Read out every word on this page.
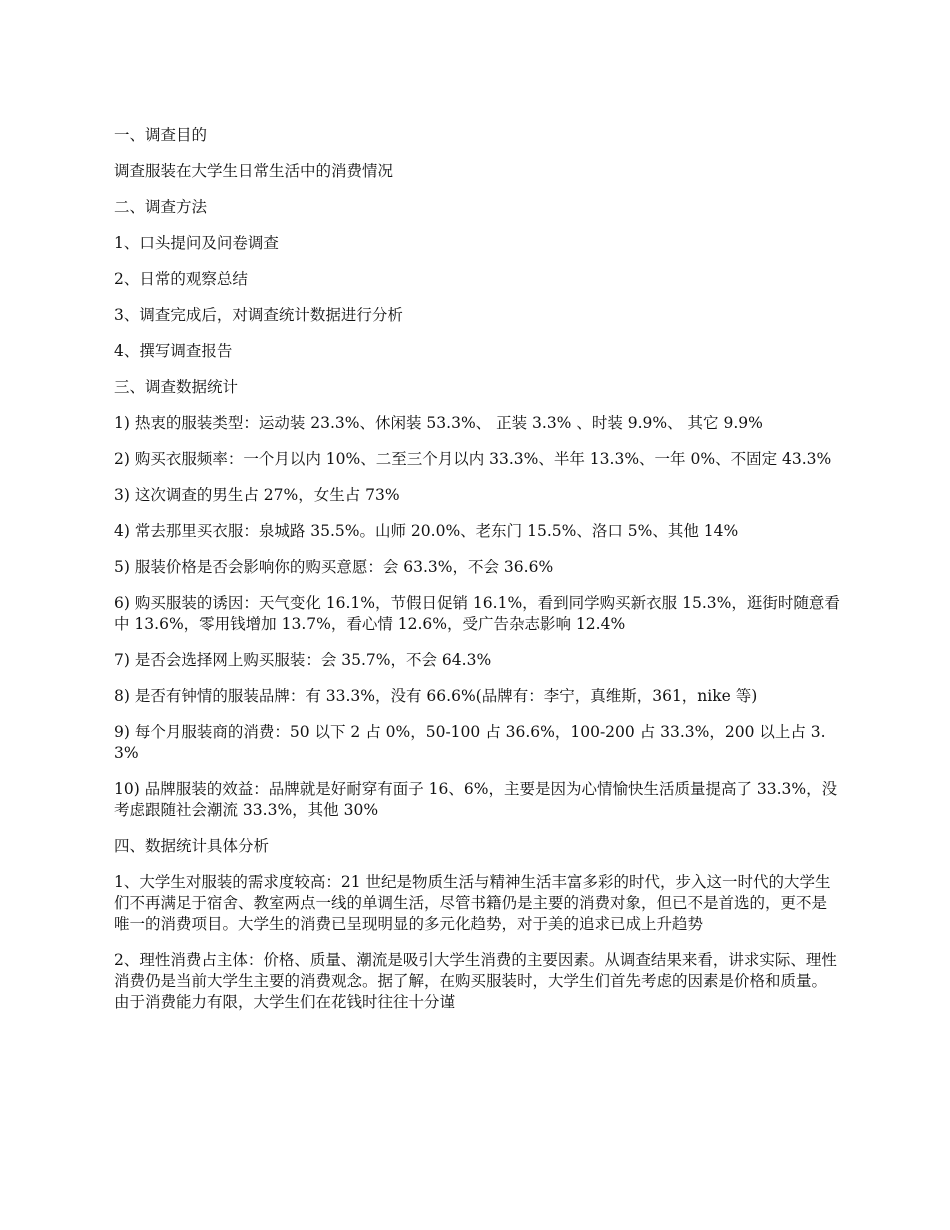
一、调查目的

调查服装在大学生日常生活中的消费情况

二、调查方法

1、口头提问及问卷调查

2、日常的观察总结

3、调查完成后，对调查统计数据进行分析

4、撰写调查报告

三、调查数据统计

1) 热衷的服装类型：运动装 23.3%、休闲装 53.3%、 正装 3.3% 、时装 9.9%、 其它 9.9%

2) 购买衣服频率：一个月以内 10%、二至三个月以内 33.3%、半年 13.3%、一年 0%、不固定 43.3%

3) 这次调查的男生占 27%，女生占 73%

4) 常去那里买衣服：泉城路 35.5%。山师 20.0%、老东门 15.5%、洛口 5%、其他 14%

5) 服装价格是否会影响你的购买意愿：会 63.3%，不会 36.6%

6) 购买服装的诱因：天气变化 16.1%，节假日促销 16.1%，看到同学购买新衣服 15.3%，逛街时随意看中 13.6%，零用钱增加 13.7%，看心情 12.6%，受广告杂志影响 12.4%

7) 是否会选择网上购买服装：会 35.7%，不会 64.3%

8) 是否有钟情的服装品牌：有 33.3%，没有 66.6%(品牌有：李宁，真维斯，361，nike 等)

9) 每个月服装商的消费：50 以下 2 占 0%，50-100 占 36.6%，100-200 占 33.3%，200 以上占 3.3%

10) 品牌服装的效益：品牌就是好耐穿有面子 16、6%，主要是因为心情愉快生活质量提高了 33.3%，没考虑跟随社会潮流 33.3%，其他 30%

四、数据统计具体分析

1、大学生对服装的需求度较高：21 世纪是物质生活与精神生活丰富多彩的时代，步入这一时代的大学生们不再满足于宿舍、教室两点一线的单调生活，尽管书籍仍是主要的消费对象，但已不是首选的，更不是唯一的消费项目。大学生的消费已呈现明显的多元化趋势，对于美的追求已成上升趋势

2、理性消费占主体：价格、质量、潮流是吸引大学生消费的主要因素。从调查结果来看，讲求实际、理性消费仍是当前大学生主要的消费观念。据了解，在购买服装时，大学生们首先考虑的因素是价格和质量。由于消费能力有限，大学生们在花钱时往往十分谨
